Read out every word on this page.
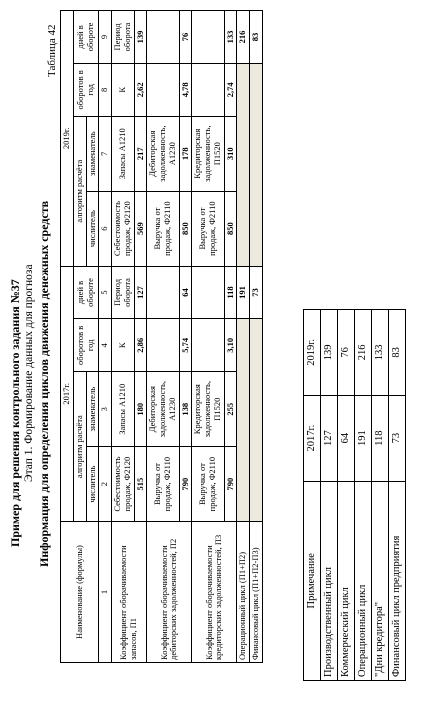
Пример для решения контрольного задания №37 Этап 1. Формирование данных для прогноза Информация для определения циклов движения денежных средств
Таблица 42
Наименование (формулы)	2017г.				2019г.			
	алгоритм расчёта		оборотов в год	дней в обороте	алгоритм расчёта		оборотов в год	дней в обороте
	числитель	знаменатель			числитель	знаменатель		
1	2	3	4	5	6	7	8	9
Коэффициент оборачиваемости запасов, П1	Себестоимость продаж, Ф2120	Запасы А1210	К	Период оборота	Себестоимость продаж, Ф2120	Запасы А1210	К	Период оборота
	515	180	2,86	127	569	217	2,62	139
Коэффициент оборачиваемости дебиторских задолженностей, П2	Выручка от продаж, Ф2110	Дебиторская задолженность, А1230			Выручка от продаж, Ф2110	Дебиторская задолженность, А1230		
	790	138	5,74	64	850	178	4,78	76
Коэффициент оборачиваемости кредиторских задолженностей, П3	Выручка от продаж, Ф2110	Кредиторская задолженность, П1520			Выручка от продаж, Ф2110	Кредиторская задолженность, П1520		
	790	255	3,10	118	850	310	2,74	133
Операционный цикл (П1+П2)				191				216
Финансовый цикл (П1+П2-П3)				73				83
Примечание	2017г.	2019г.
Производственный цикл	127	139
Коммерческий цикл	64	76
Операционный цикл	191	216
"Дни кредитора"	118	133
Финансовый цикл предприятия	73	83
